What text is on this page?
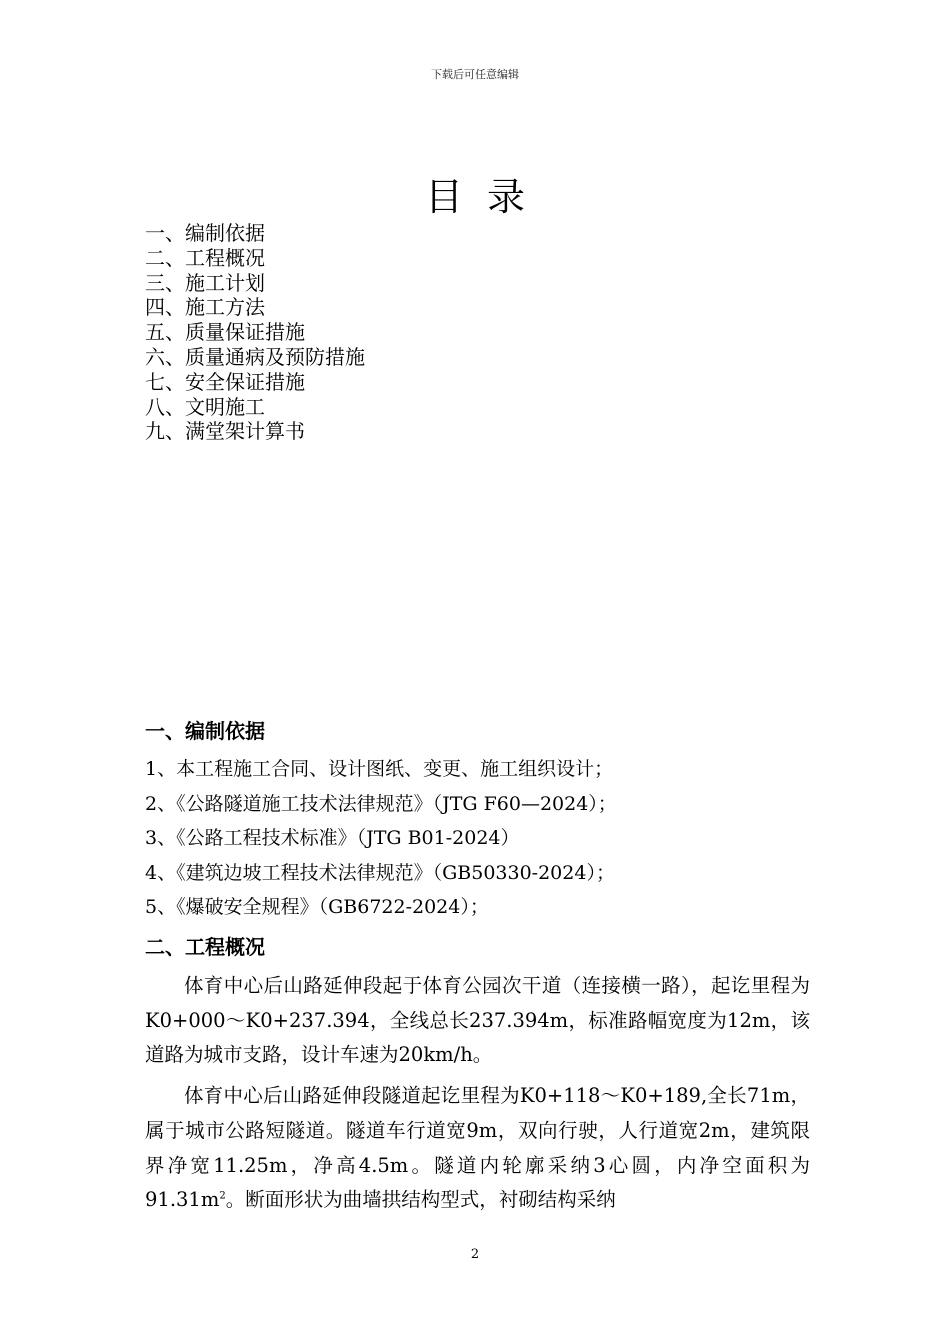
下载后可任意编辑
目录
一、编制依据
二、工程概况
三、施工计划
四、施工方法
五、质量保证措施
六、质量通病及预防措施
七、安全保证措施
八、文明施工
九、满堂架计算书
一、编制依据
1、本工程施工合同、设计图纸、变更、施工组织设计；
2、《公路隧道施工技术法律规范》（JTG F60—2024）；
3、《公路工程技术标准》（JTG B01-2024）
4、《建筑边坡工程技术法律规范》（GB50330-2024）；
5、《爆破安全规程》（GB6722-2024）；
二、工程概况

体育中心后山路延伸段起于体育公园次干道（连接横一路），起讫里程为K0+000～K0+237.394，全线总长237.394m，标准路幅宽度为12m，该道路为城市支路，设计车速为20km/h。

体育中心后山路延伸段隧道起讫里程为K0+118～K0+189,全长71m，属于城市公路短隧道。隧道车行道宽9m，双向行驶，人行道宽2m，建筑限界净宽11.25m，净高4.5m。隧道内轮廓采纳3心圆，内净空面积为$91.31m^2$。断面形状为曲墙拱结构型式，衬砌结构采纳

2
